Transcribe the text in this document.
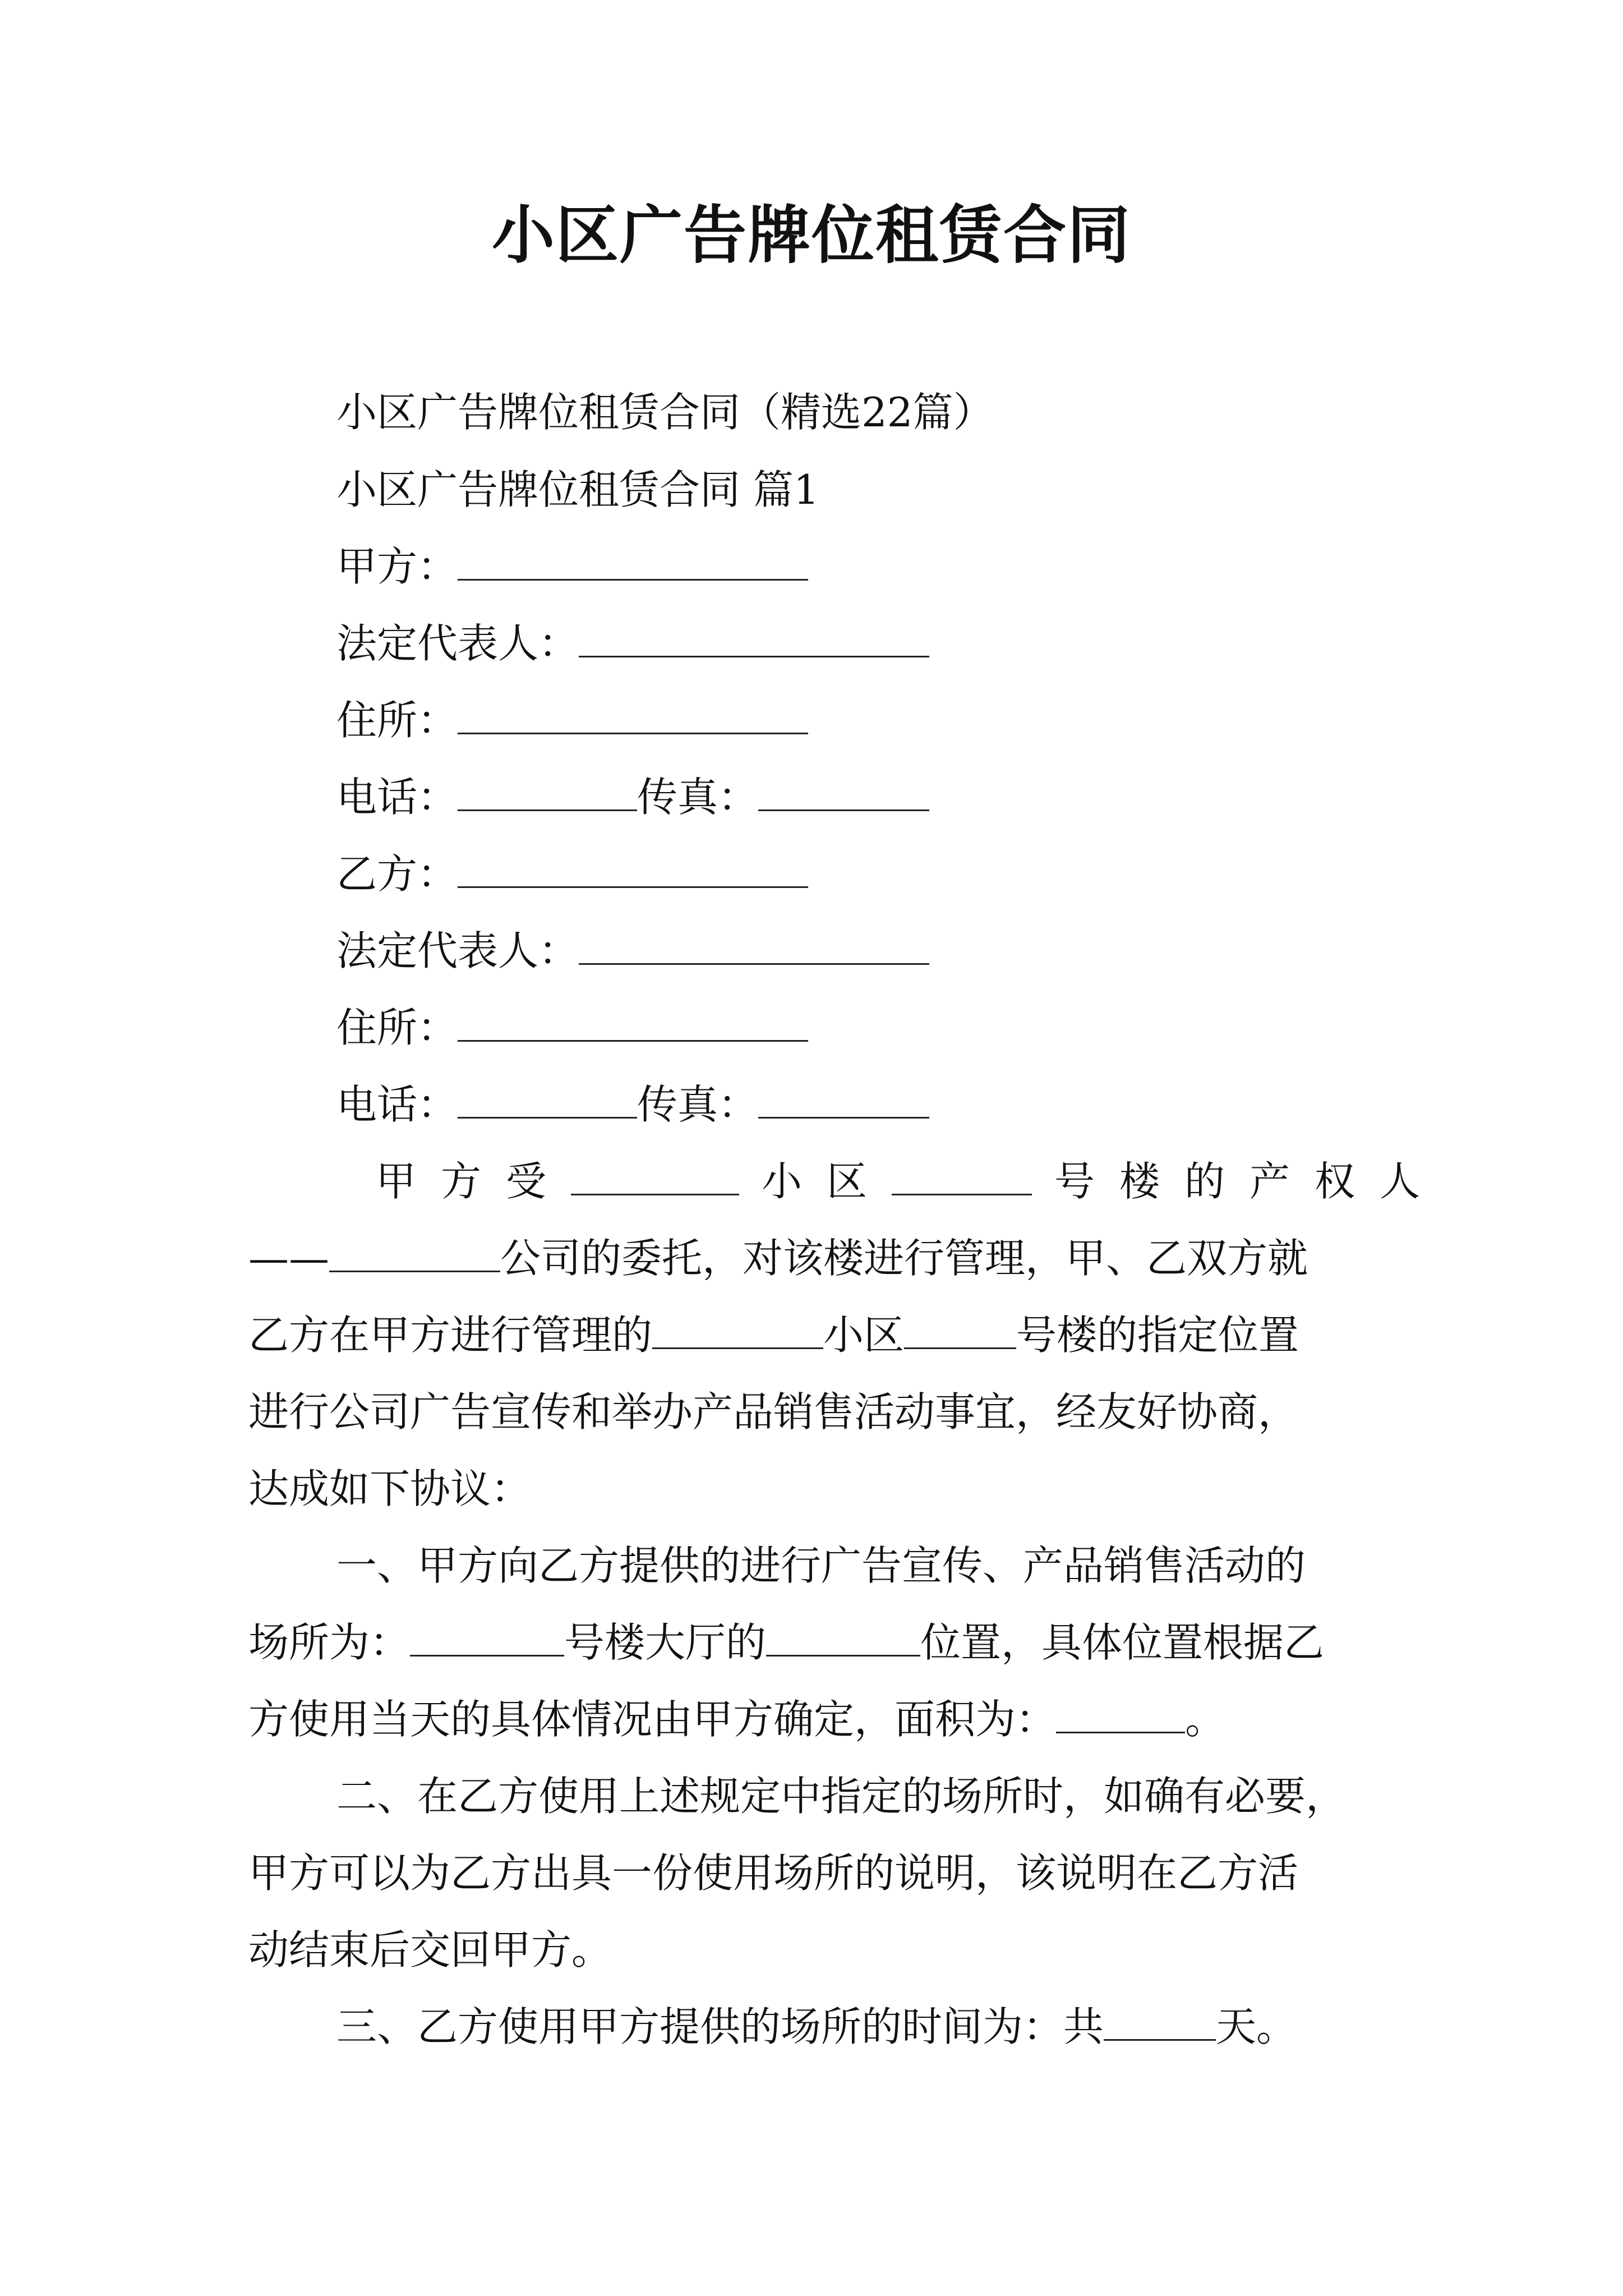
小区广告牌位租赁合同
小区广告牌位租赁合同（精选22篇）
小区广告牌位租赁合同 篇1
甲方：
法定代表人：
住所：
电话：	传真：
乙方：
法定代表人：
住所：
电话：	传真：
甲方受	小区	号楼的产权人
——	公司的委托，对该楼进行管理，甲、乙双方就
乙方在甲方进行管理的	小区	号楼的指定位置
进行公司广告宣传和举办产品销售活动事宜，经友好协商，
达成如下协议：
一、甲方向乙方提供的进行广告宣传、产品销售活动的
场所为：	号楼大厅的	位置，具体位置根据乙
方使用当天的具体情况由甲方确定，面积为：	。
二、在乙方使用上述规定中指定的场所时，如确有必要，
甲方可以为乙方出具一份使用场所的说明，该说明在乙方活
动结束后交回甲方。
三、乙方使用甲方提供的场所的时间为：共	天。
